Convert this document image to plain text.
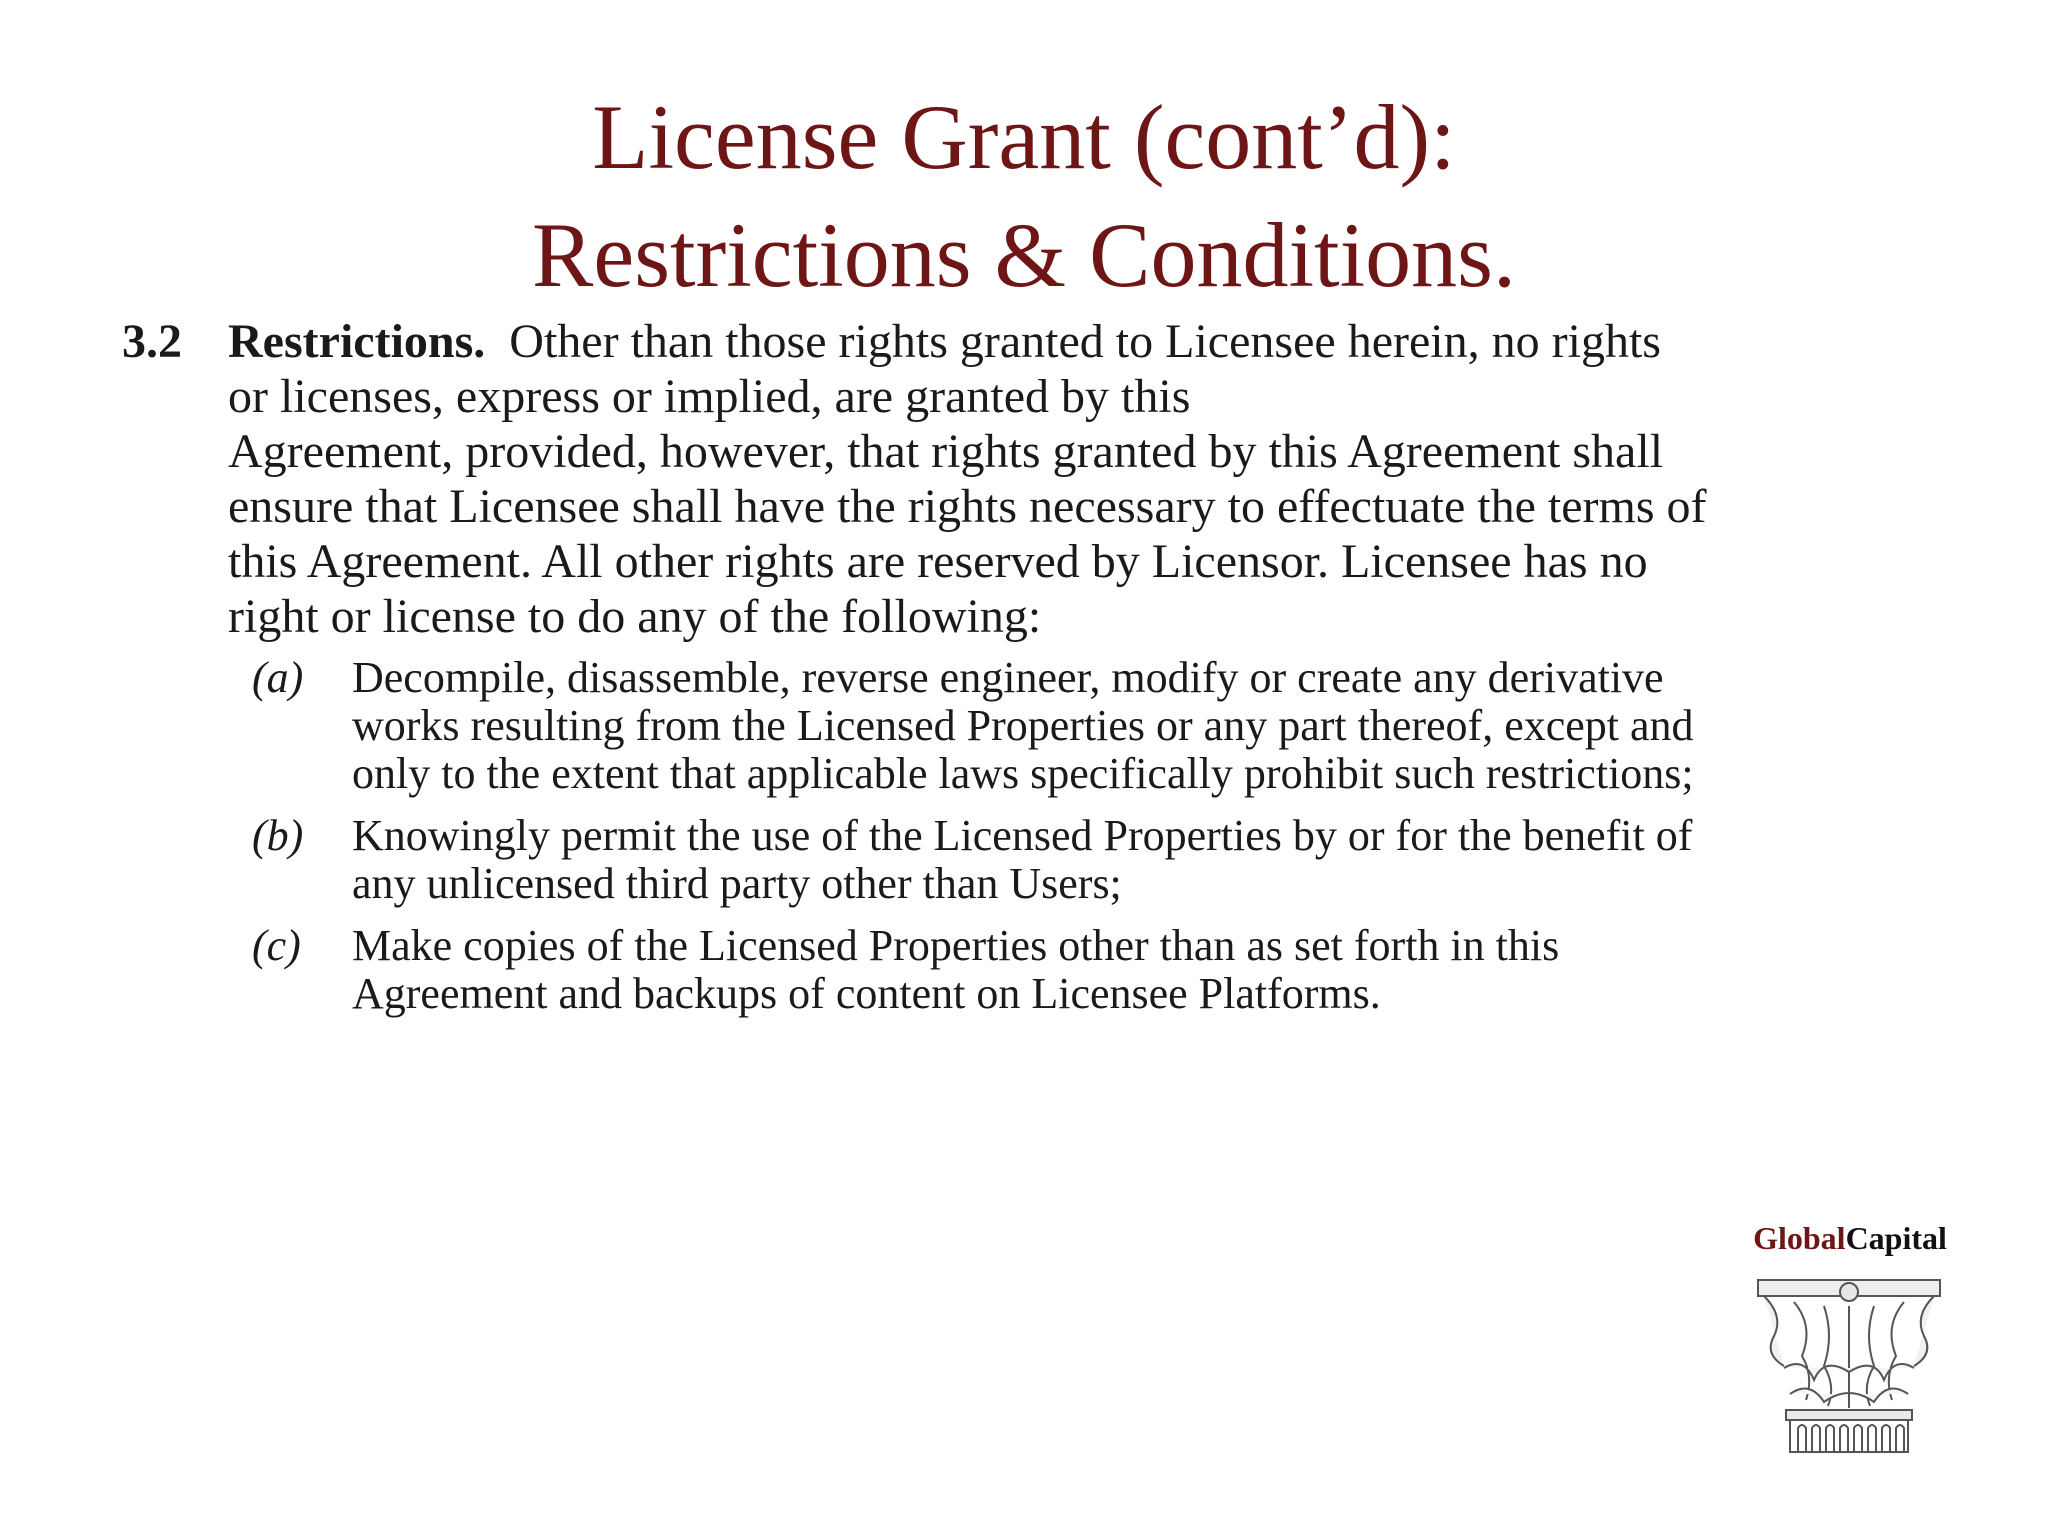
License Grant (cont’d):
Restrictions & Conditions.
3.2 Restrictions. Other than those rights granted to Licensee herein, no rights
or licenses, express or implied, are granted by this
Agreement, provided, however, that rights granted by this Agreement shall
ensure that Licensee shall have the rights necessary to effectuate the terms of
this Agreement. All other rights are reserved by Licensor. Licensee has no
right or license to do any of the following:
(a) Decompile, disassemble, reverse engineer, modify or create any derivative
works resulting from the Licensed Properties or any part thereof, except and
only to the extent that applicable laws specifically prohibit such restrictions;
(b) Knowingly permit the use of the Licensed Properties by or for the benefit of
any unlicensed third party other than Users;
(c) Make copies of the Licensed Properties other than as set forth in this
Agreement and backups of content on Licensee Platforms.
GlobalCapital
